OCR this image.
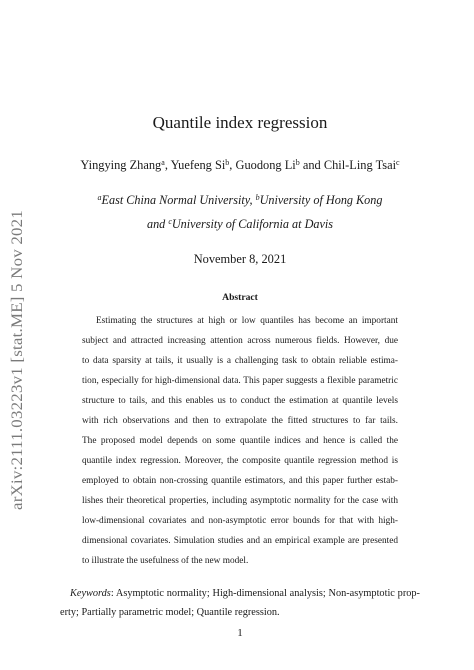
arXiv:2111.03223v1 [stat.ME] 5 Nov 2021
Quantile index regression
Yingying Zhang$^a$, Yuefeng Si$^b$, Guodong Li$^b$ and Chil-Ling Tsai$^c$
$^a$East China Normal University, $^b$University of Hong Kong
and $^c$University of California at Davis
November 8, 2021
Abstract
Estimating the structures at high or low quantiles has become an important
subject and attracted increasing attention across numerous fields. However, due
to data sparsity at tails, it usually is a challenging task to obtain reliable estima-
tion, especially for high-dimensional data. This paper suggests a flexible parametric
structure to tails, and this enables us to conduct the estimation at quantile levels
with rich observations and then to extrapolate the fitted structures to far tails.
The proposed model depends on some quantile indices and hence is called the
quantile index regression. Moreover, the composite quantile regression method is
employed to obtain non-crossing quantile estimators, and this paper further estab-
lishes their theoretical properties, including asymptotic normality for the case with
low-dimensional covariates and non-asymptotic error bounds for that with high-
dimensional covariates. Simulation studies and an empirical example are presented
to illustrate the usefulness of the new model.
Keywords: Asymptotic normality; High-dimensional analysis; Non-asymptotic prop-
erty; Partially parametric model; Quantile regression.
1
